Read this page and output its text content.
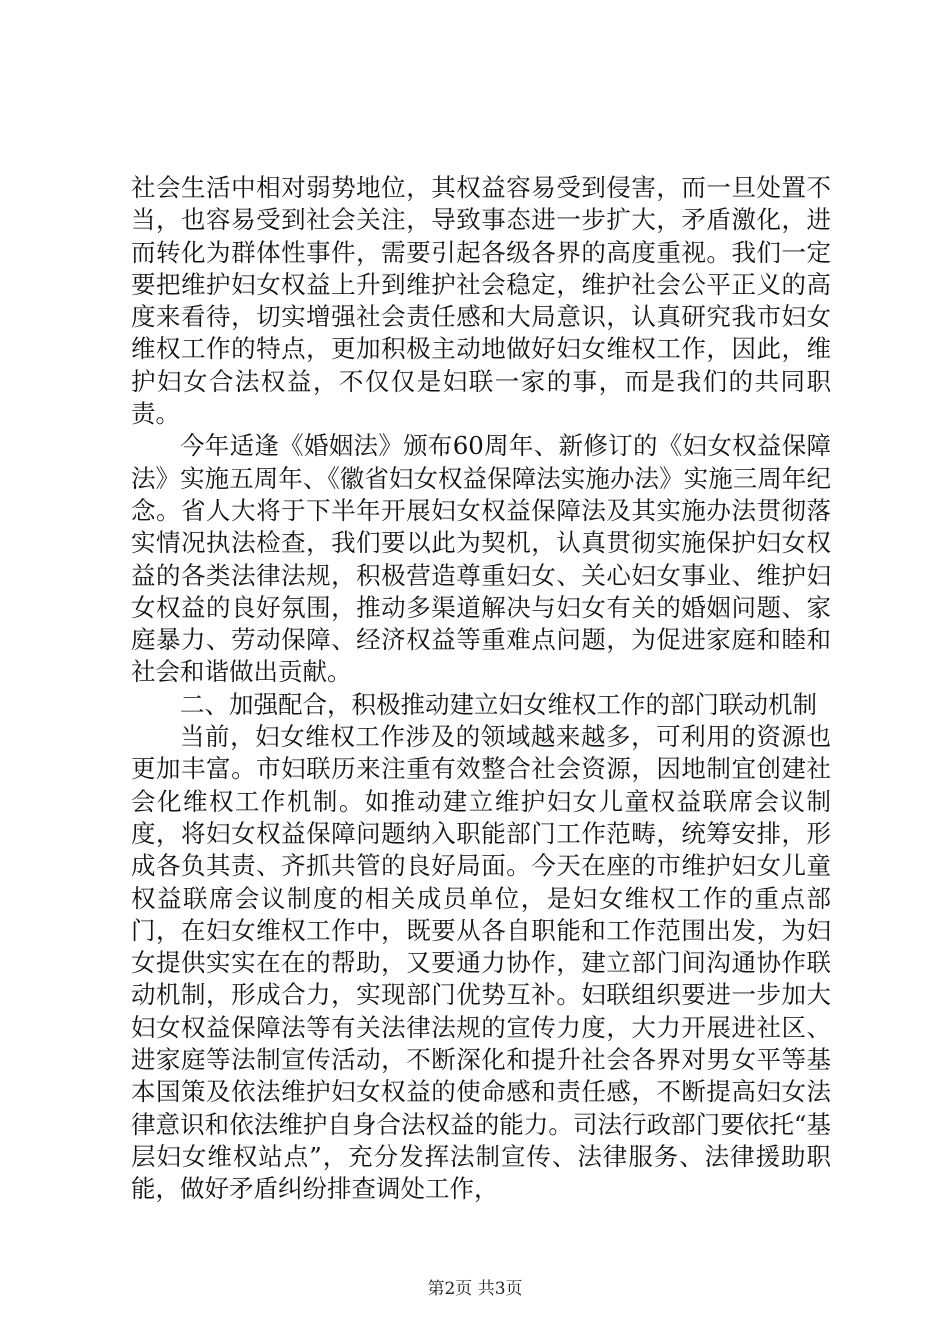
社会生活中相对弱势地位，其权益容易受到侵害，而一旦处置不当，也容易受到社会关注，导致事态进一步扩大，矛盾激化，进而转化为群体性事件，需要引起各级各界的高度重视。我们一定要把维护妇女权益上升到维护社会稳定，维护社会公平正义的高度来看待，切实增强社会责任感和大局意识，认真研究我市妇女维权工作的特点，更加积极主动地做好妇女维权工作，因此，维护妇女合法权益，不仅仅是妇联一家的事，而是我们的共同职责。

今年适逢《婚姻法》颁布60周年、新修订的《妇女权益保障法》实施五周年、《徽省妇女权益保障法实施办法》实施三周年纪念。省人大将于下半年开展妇女权益保障法及其实施办法贯彻落实情况执法检查，我们要以此为契机，认真贯彻实施保护妇女权益的各类法律法规，积极营造尊重妇女、关心妇女事业、维护妇女权益的良好氛围，推动多渠道解决与妇女有关的婚姻问题、家庭暴力、劳动保障、经济权益等重难点问题，为促进家庭和睦和社会和谐做出贡献。

二、加强配合，积极推动建立妇女维权工作的部门联动机制

当前，妇女维权工作涉及的领域越来越多，可利用的资源也更加丰富。市妇联历来注重有效整合社会资源，因地制宜创建社会化维权工作机制。如推动建立维护妇女儿童权益联席会议制度，将妇女权益保障问题纳入职能部门工作范畴，统筹安排，形成各负其责、齐抓共管的良好局面。今天在座的市维护妇女儿童权益联席会议制度的相关成员单位，是妇女维权工作的重点部门，在妇女维权工作中，既要从各自职能和工作范围出发，为妇女提供实实在在的帮助，又要通力协作，建立部门间沟通协作联动机制，形成合力，实现部门优势互补。妇联组织要进一步加大妇女权益保障法等有关法律法规的宣传力度，大力开展进社区、进家庭等法制宣传活动，不断深化和提升社会各界对男女平等基本国策及依法维护妇女权益的使命感和责任感，不断提高妇女法律意识和依法维护自身合法权益的能力。司法行政部门要依托“基层妇女维权站点”，充分发挥法制宣传、法律服务、法律援助职能，做好矛盾纠纷排查调处工作，

第2页 共3页
